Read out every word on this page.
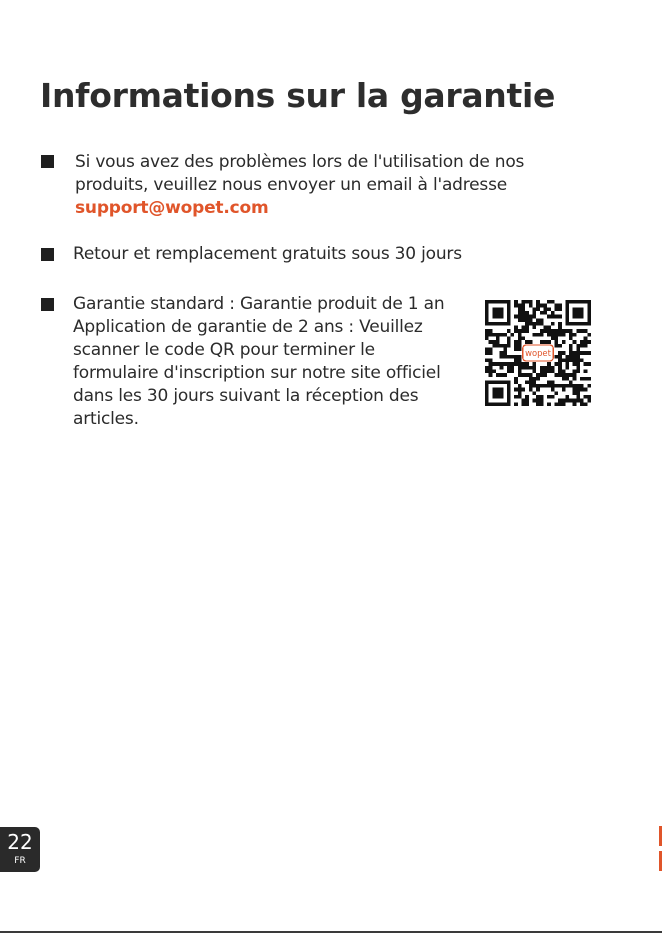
Informations sur la garantie
Si vous avez des problèmes lors de l'utilisation de nos
produits, veuillez nous envoyer un email à l'adresse
support@wopet.com
Retour et remplacement gratuits sous 30 jours
Garantie standard : Garantie produit de 1 an
Application de garantie de 2 ans : Veuillez
scanner le code QR pour terminer le
formulaire d'inscription sur notre site officiel
dans les 30 jours suivant la réception des
articles.
wopet
22
FR
